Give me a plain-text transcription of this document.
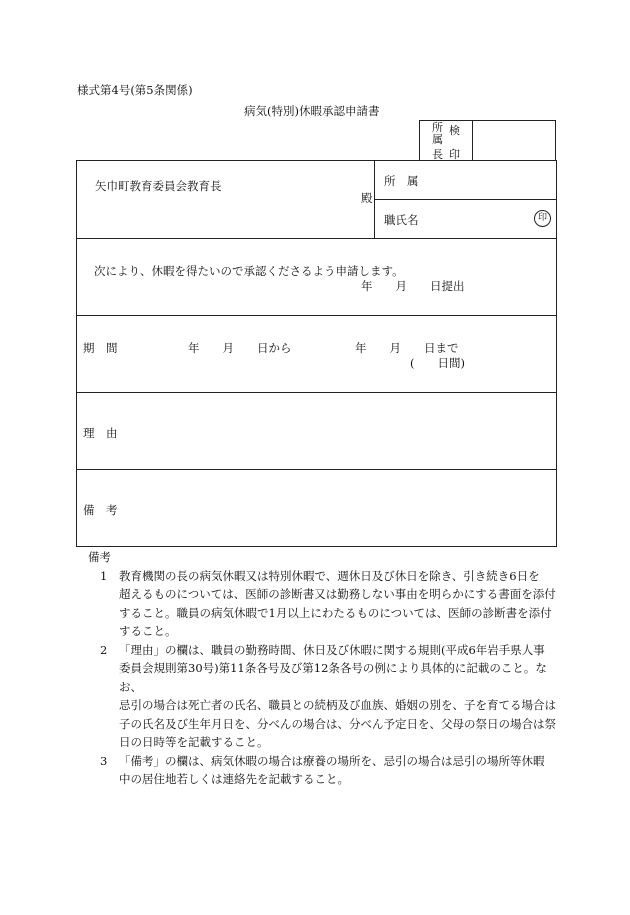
様式第4号(第5条関係)
病気(特別)休暇承認申請書
所属
長
検
印
矢巾町教育委員会教育長
殿
所　属
職氏名	印
次により、休暇を得たいので承認くださるよう申請します。
年　　月　　日提出
期　間	年　　月　　日から	年　　月　　日まで
(　　日間)
理　由
備　考
備考
1 教育機関の長の病気休暇又は特別休暇で、週休日及び休日を除き、引き続き6日を
超えるものについては、医師の診断書又は勤務しない事由を明らかにする書面を添付
すること。職員の病気休暇で1月以上にわたるものについては、医師の診断書を添付
すること。
2 「理由」の欄は、職員の勤務時間、休日及び休暇に関する規則(平成6年岩手県人事
委員会規則第30号)第11条各号及び第12条各号の例により具体的に記載のこと。なお、
忌引の場合は死亡者の氏名、職員との続柄及び血族、婚姻の別を、子を育てる場合は
子の氏名及び生年月日を、分べんの場合は、分べん予定日を、父母の祭日の場合は祭
日の日時等を記載すること。
3 「備考」の欄は、病気休暇の場合は療養の場所を、忌引の場合は忌引の場所等休暇
中の居住地若しくは連絡先を記載すること。
